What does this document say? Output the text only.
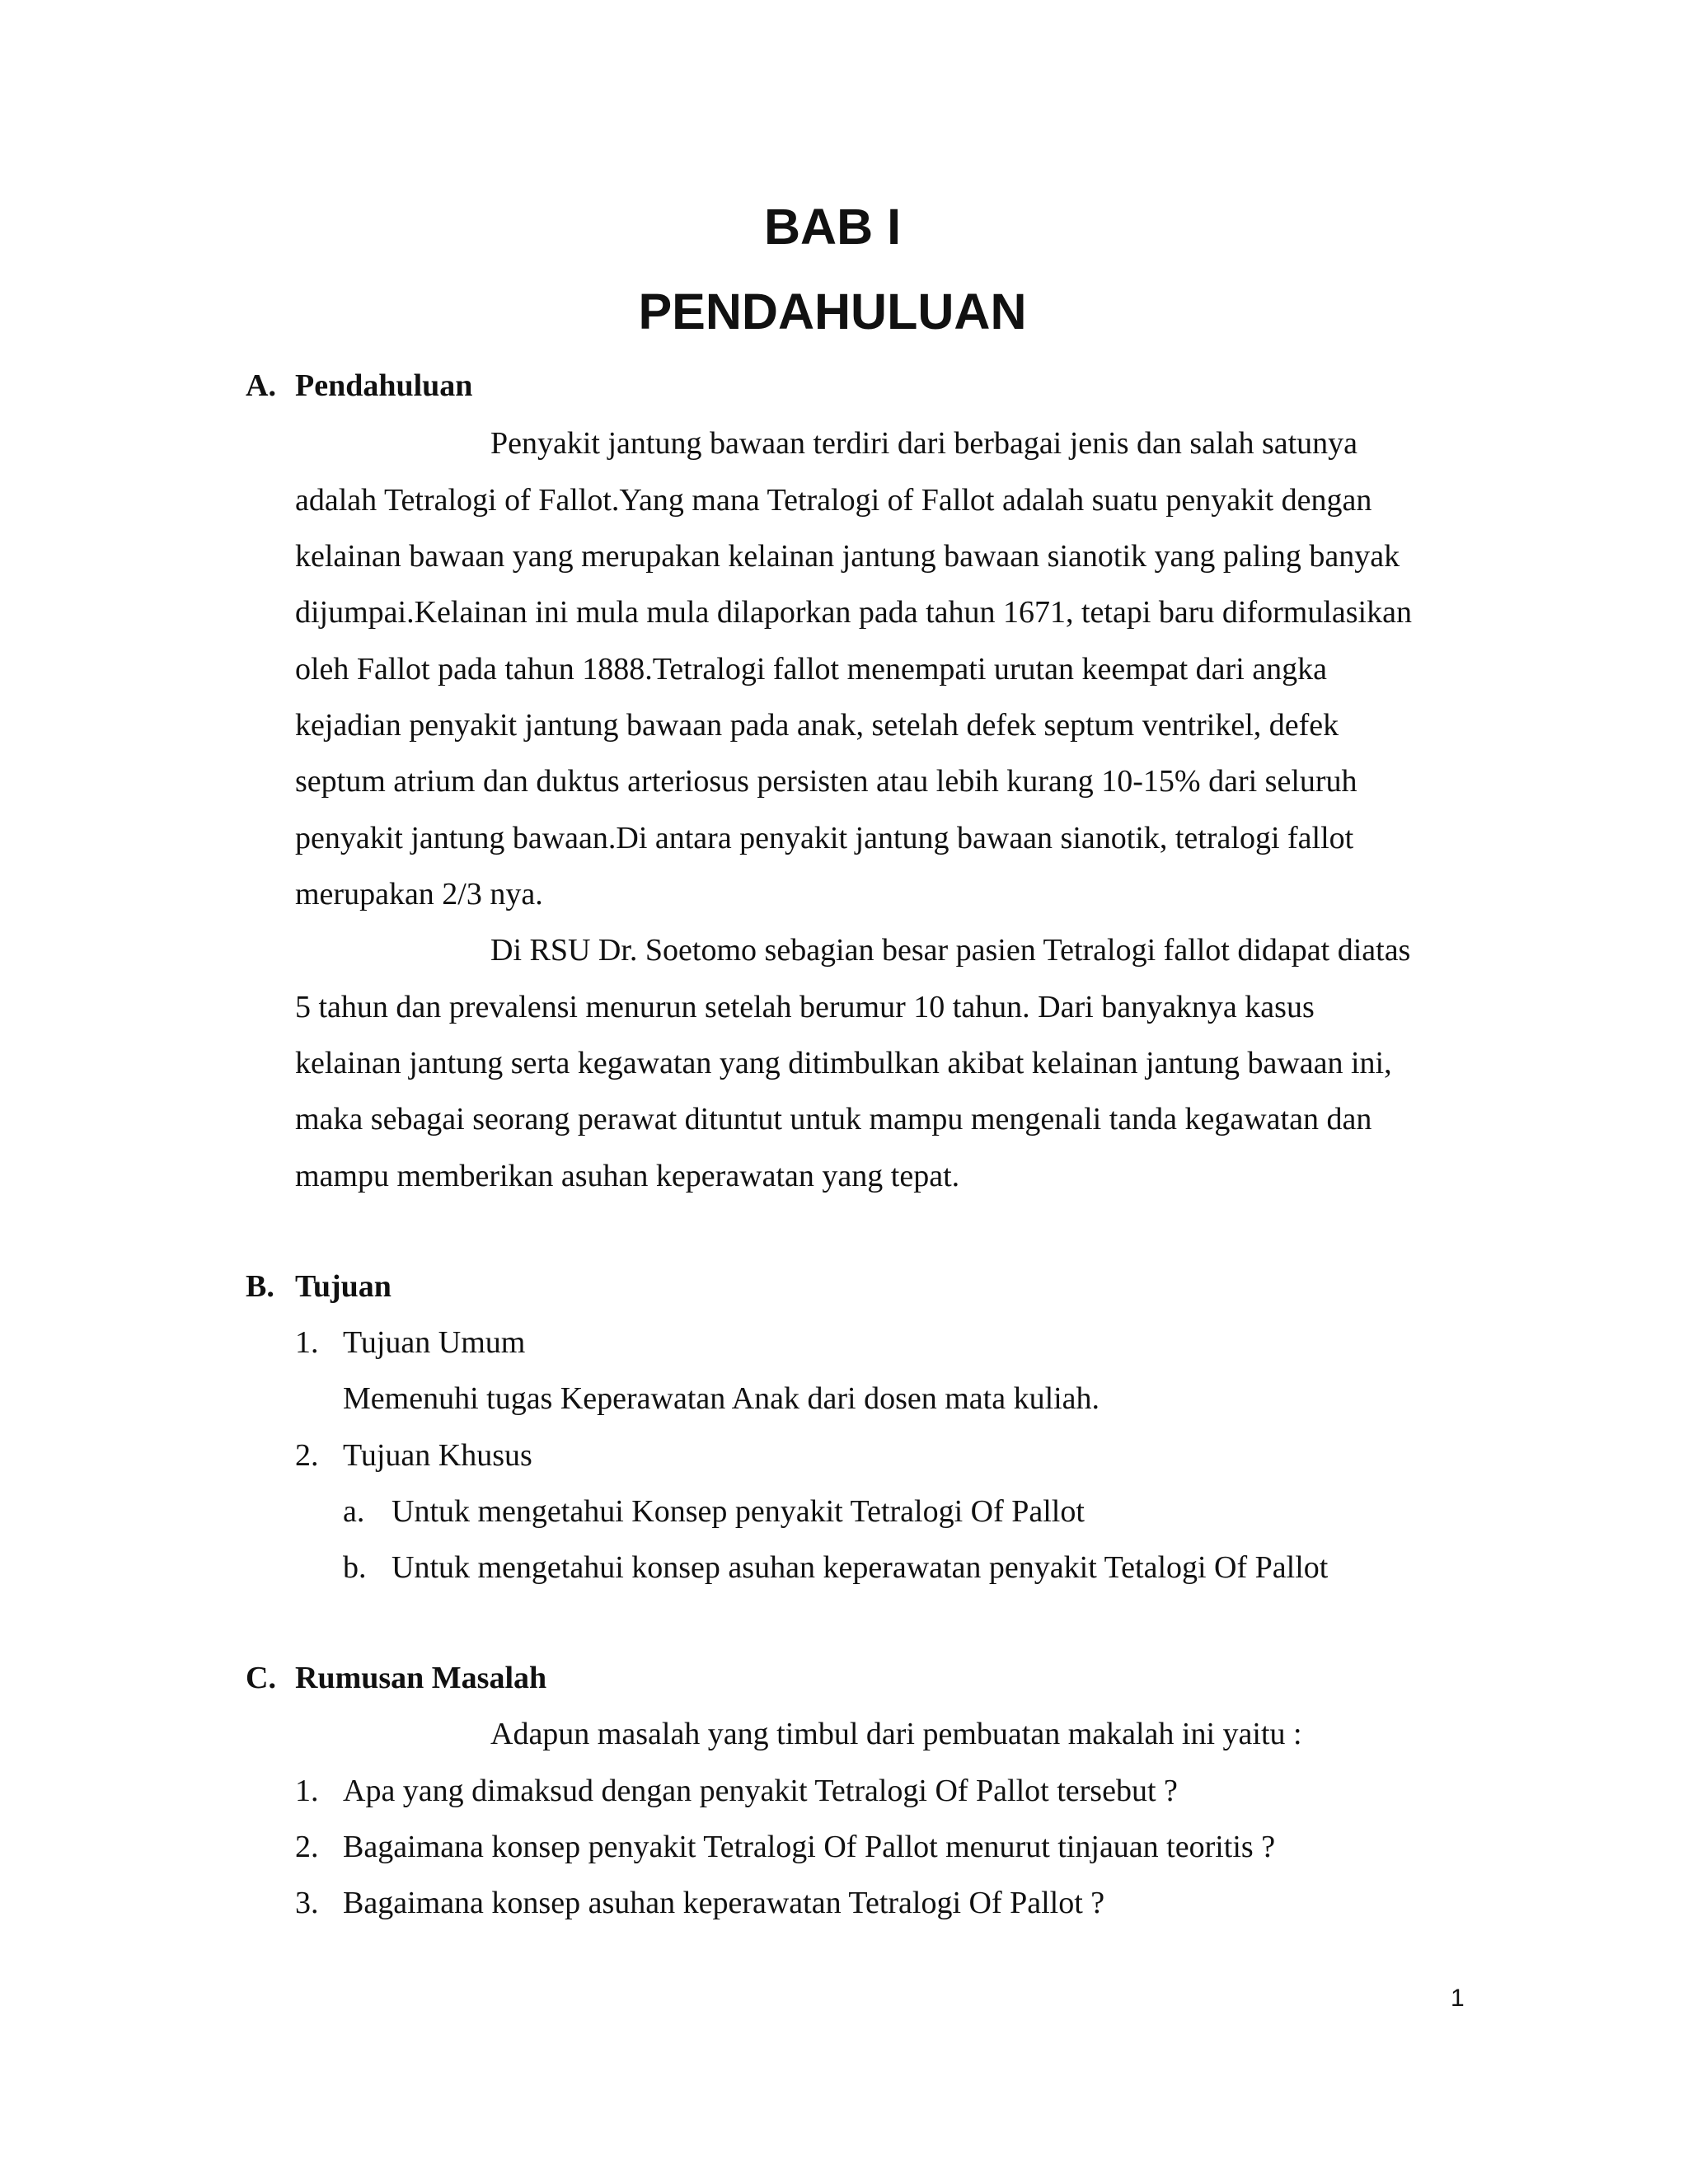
BAB I
PENDAHULUAN
A. Pendahuluan
Penyakit jantung bawaan terdiri dari berbagai jenis dan salah satunya
adalah Tetralogi of Fallot.Yang mana Tetralogi of Fallot adalah suatu penyakit dengan
kelainan bawaan yang merupakan kelainan jantung bawaan sianotik yang paling banyak
dijumpai.Kelainan ini mula mula dilaporkan pada tahun 1671, tetapi baru diformulasikan
oleh Fallot pada tahun 1888.Tetralogi fallot menempati urutan keempat dari angka
kejadian penyakit jantung bawaan pada anak, setelah defek septum ventrikel, defek
septum atrium dan duktus arteriosus persisten atau lebih kurang 10-15% dari seluruh
penyakit jantung bawaan.Di antara penyakit jantung bawaan sianotik, tetralogi fallot
merupakan 2/3 nya.
Di RSU Dr. Soetomo sebagian besar pasien Tetralogi fallot didapat diatas
5 tahun dan prevalensi menurun setelah berumur 10 tahun. Dari banyaknya kasus
kelainan jantung serta kegawatan yang ditimbulkan akibat kelainan jantung bawaan ini,
maka sebagai seorang perawat dituntut untuk mampu mengenali tanda kegawatan dan
mampu memberikan asuhan keperawatan yang tepat.
B. Tujuan
1. Tujuan Umum
Memenuhi tugas Keperawatan Anak dari dosen mata kuliah.
2. Tujuan Khusus
a. Untuk mengetahui Konsep penyakit Tetralogi Of Pallot
b. Untuk mengetahui konsep asuhan keperawatan penyakit Tetalogi Of Pallot
C. Rumusan Masalah
Adapun masalah yang timbul dari pembuatan makalah ini yaitu :
1. Apa yang dimaksud dengan penyakit Tetralogi Of Pallot tersebut ?
2. Bagaimana konsep penyakit Tetralogi Of Pallot menurut tinjauan teoritis ?
3. Bagaimana konsep asuhan keperawatan Tetralogi Of Pallot ?
1
